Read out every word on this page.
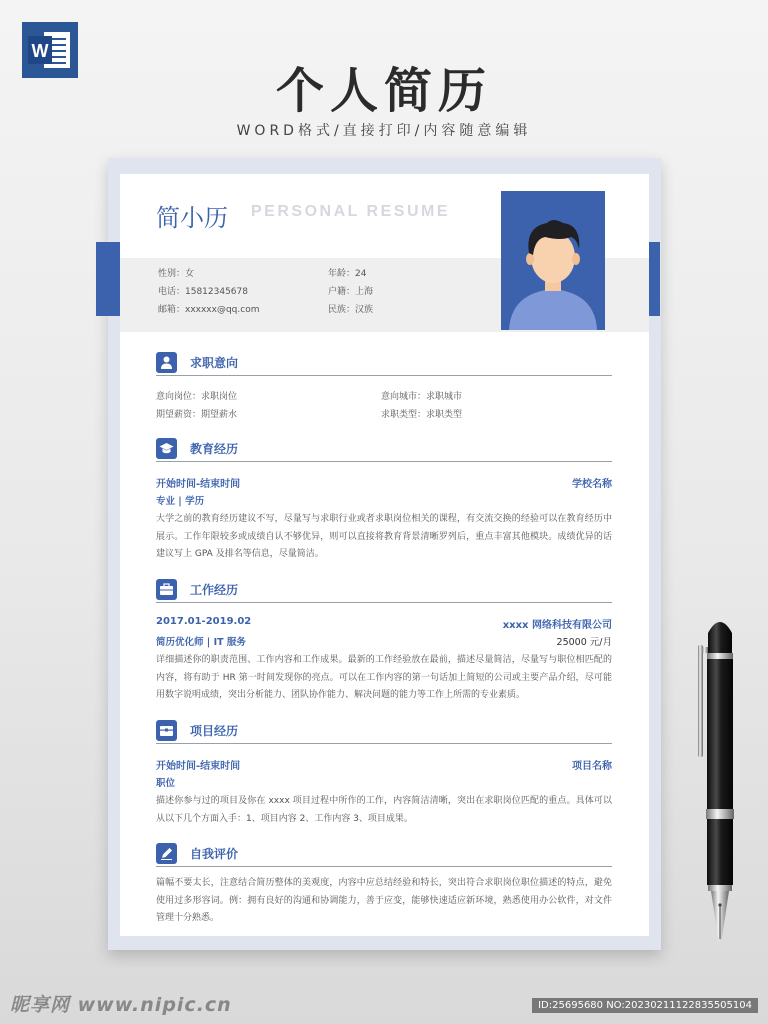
W
个人简历
WORD格式/直接打印/内容随意编辑
简小历 PERSONAL RESUME
性别：女	年龄：24
电话：15812345678	户籍：上海
邮箱：xxxxxx@qq.com	民族：汉族
求职意向
意向岗位：求职岗位	意向城市：求职城市
期望薪资：期望薪水	求职类型：求职类型
教育经历
开始时间-结束时间	学校名称
专业 | 学历
大学之前的教育经历建议不写，尽量写与求职行业或者求职岗位相关的课程，有交流交换的经验可以在教育经历中展示。工作年限较多或成绩自认不够优异，则可以直接将教育背景清晰罗列后，重点丰富其他模块。成绩优异的话建议写上 GPA 及排名等信息，尽量简洁。
工作经历
2017.01-2019.02	xxxx 网络科技有限公司
简历优化师 | IT 服务	25000 元/月
详细描述你的职责范围、工作内容和工作成果。最新的工作经验放在最前，描述尽量简洁，尽量写与职位相匹配的内容，将有助于 HR 第一时间发现你的亮点。可以在工作内容的第一句话加上简短的公司或主要产品介绍，尽可能用数字说明成绩，突出分析能力、团队协作能力、解决问题的能力等工作上所需的专业素质。
项目经历
开始时间-结束时间	项目名称
职位
描述你参与过的项目及你在 xxxx 项目过程中所作的工作，内容简洁清晰，突出在求职岗位匹配的重点。具体可以从以下几个方面入手：1、项目内容 2、工作内容 3、项目成果。
自我评价
篇幅不要太长，注意结合简历整体的美观度，内容中应总结经验和特长，突出符合求职岗位职位描述的特点，避免使用过多形容词。例：拥有良好的沟通和协调能力，善于应变，能够快速适应新环境，熟悉使用办公软件，对文件管理十分熟悉。
昵享网 www.nipic.cn	ID:25695680 NO:20230211122835505104
